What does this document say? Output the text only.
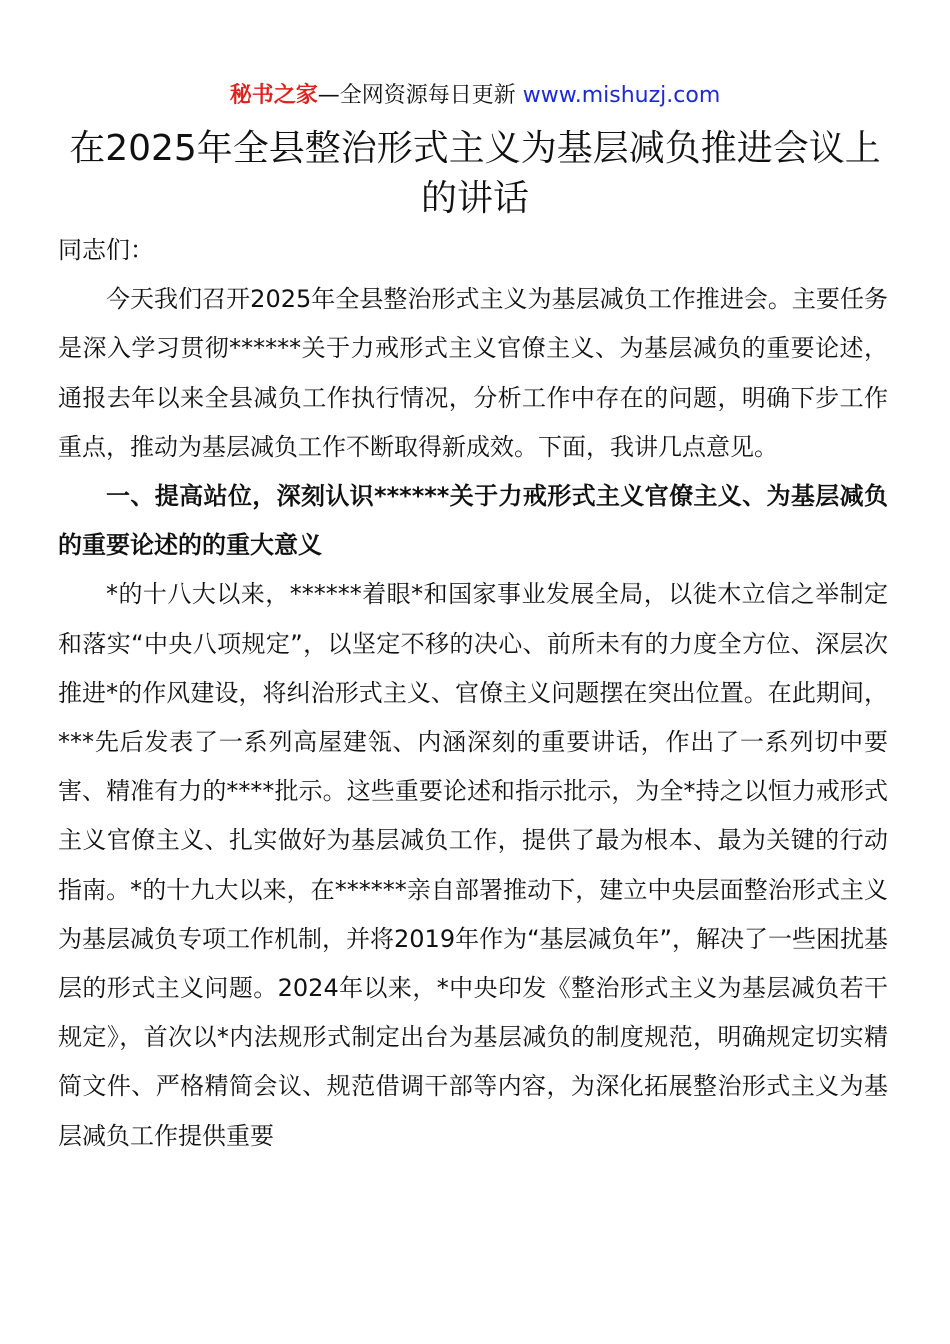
秘书之家—全网资源每日更新 www.mishuzj.com
在2025年全县整治形式主义为基层减负推进会议上的讲话

同志们：

今天我们召开2025年全县整治形式主义为基层减负工作推进会。主要任务是深入学习贯彻******关于力戒形式主义官僚主义、为基层减负的重要论述，通报去年以来全县减负工作执行情况，分析工作中存在的问题，明确下步工作重点，推动为基层减负工作不断取得新成效。下面，我讲几点意见。

一、提高站位，深刻认识******关于力戒形式主义官僚主义、为基层减负的重要论述的的重大意义

*的十八大以来，******着眼*和国家事业发展全局，以徙木立信之举制定和落实“中央八项规定”，以坚定不移的决心、前所未有的力度全方位、深层次推进*的作风建设，将纠治形式主义、官僚主义问题摆在突出位置。在此期间，***先后发表了一系列高屋建瓴、内涵深刻的重要讲话，作出了一系列切中要害、精准有力的****批示。这些重要论述和指示批示，为全*持之以恒力戒形式主义官僚主义、扎实做好为基层减负工作，提供了最为根本、最为关键的行动指南。*的十九大以来，在******亲自部署推动下，建立中央层面整治形式主义为基层减负专项工作机制，并将2019年作为“基层减负年”，解决了一些困扰基层的形式主义问题。2024年以来，*中央印发《整治形式主义为基层减负若干规定》，首次以*内法规形式制定出台为基层减负的制度规范，明确规定切实精简文件、严格精简会议、规范借调干部等内容，为深化拓展整治形式主义为基层减负工作提供重要
